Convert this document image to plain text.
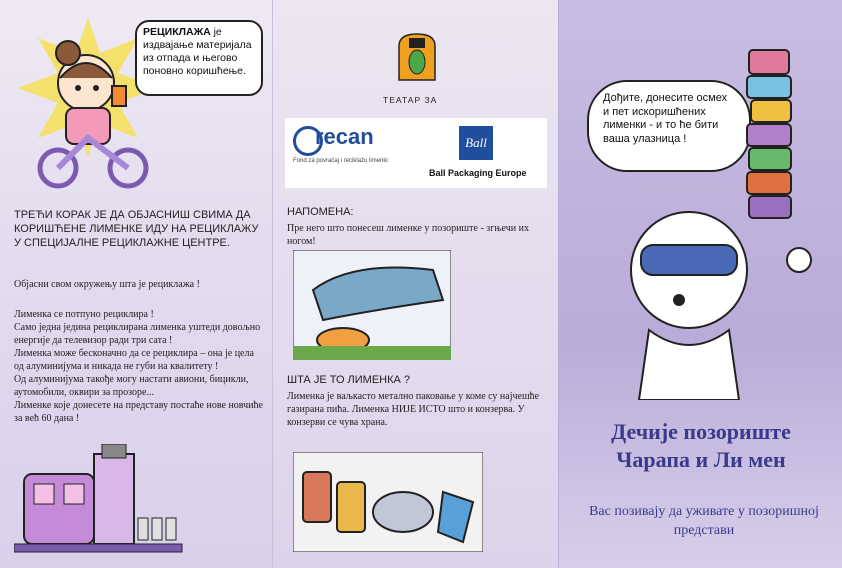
РЕЦИКЛАЖА је издвајање материјала из отпада и његово поновно коришћење.
ТРЕЋИ КОРАК ЈЕ ДА ОБЈАСНИШ СВИМА ДА КОРИШЋЕНЕ ЛИМЕНКЕ ИДУ НА РЕЦИКЛАЖУ У СПЕЦИЈАЛНЕ РЕЦИКЛАЖНЕ ЦЕНТРЕ.
Објасни свом окружењу шта је рециклажа !
Лименка се потпуно рециклира !
Само једна једина рециклирана лименка уштеди довољно енергије да телевизор ради три сата !
Лименка може бесконачно да се рециклира – она је цела од алуминијума и никада не губи на квалитету !
Од алуминијума такође могу настати авиони, бицикли, аутомобили, оквири за прозоре...
Лименке које донесете на представу постаће нове новчиће за вeћ 60 дана !
ТЕАТАР ЗА
recan
Fond za povraćaj i reciklažu limenki
Ball
Ball Packaging Europe
НАПОМЕНА:
Пре него што понесеш лименке у позориште - згњечи их ногом!
ШТА ЈЕ ТО ЛИМЕНКА ?
Лименка је ваљкасто метално паковање у коме су најчешће газирана пића. Лименка НИЈЕ ИСТО што и конзерва. У конзерви се чува храна.
Дођите, донесите осмех и пет искоришћених лименки - и то ће бити ваша улазница !
Дечије позориште
Чарапа и Ли мен
Вас позивају да уживате у позоришној представи
